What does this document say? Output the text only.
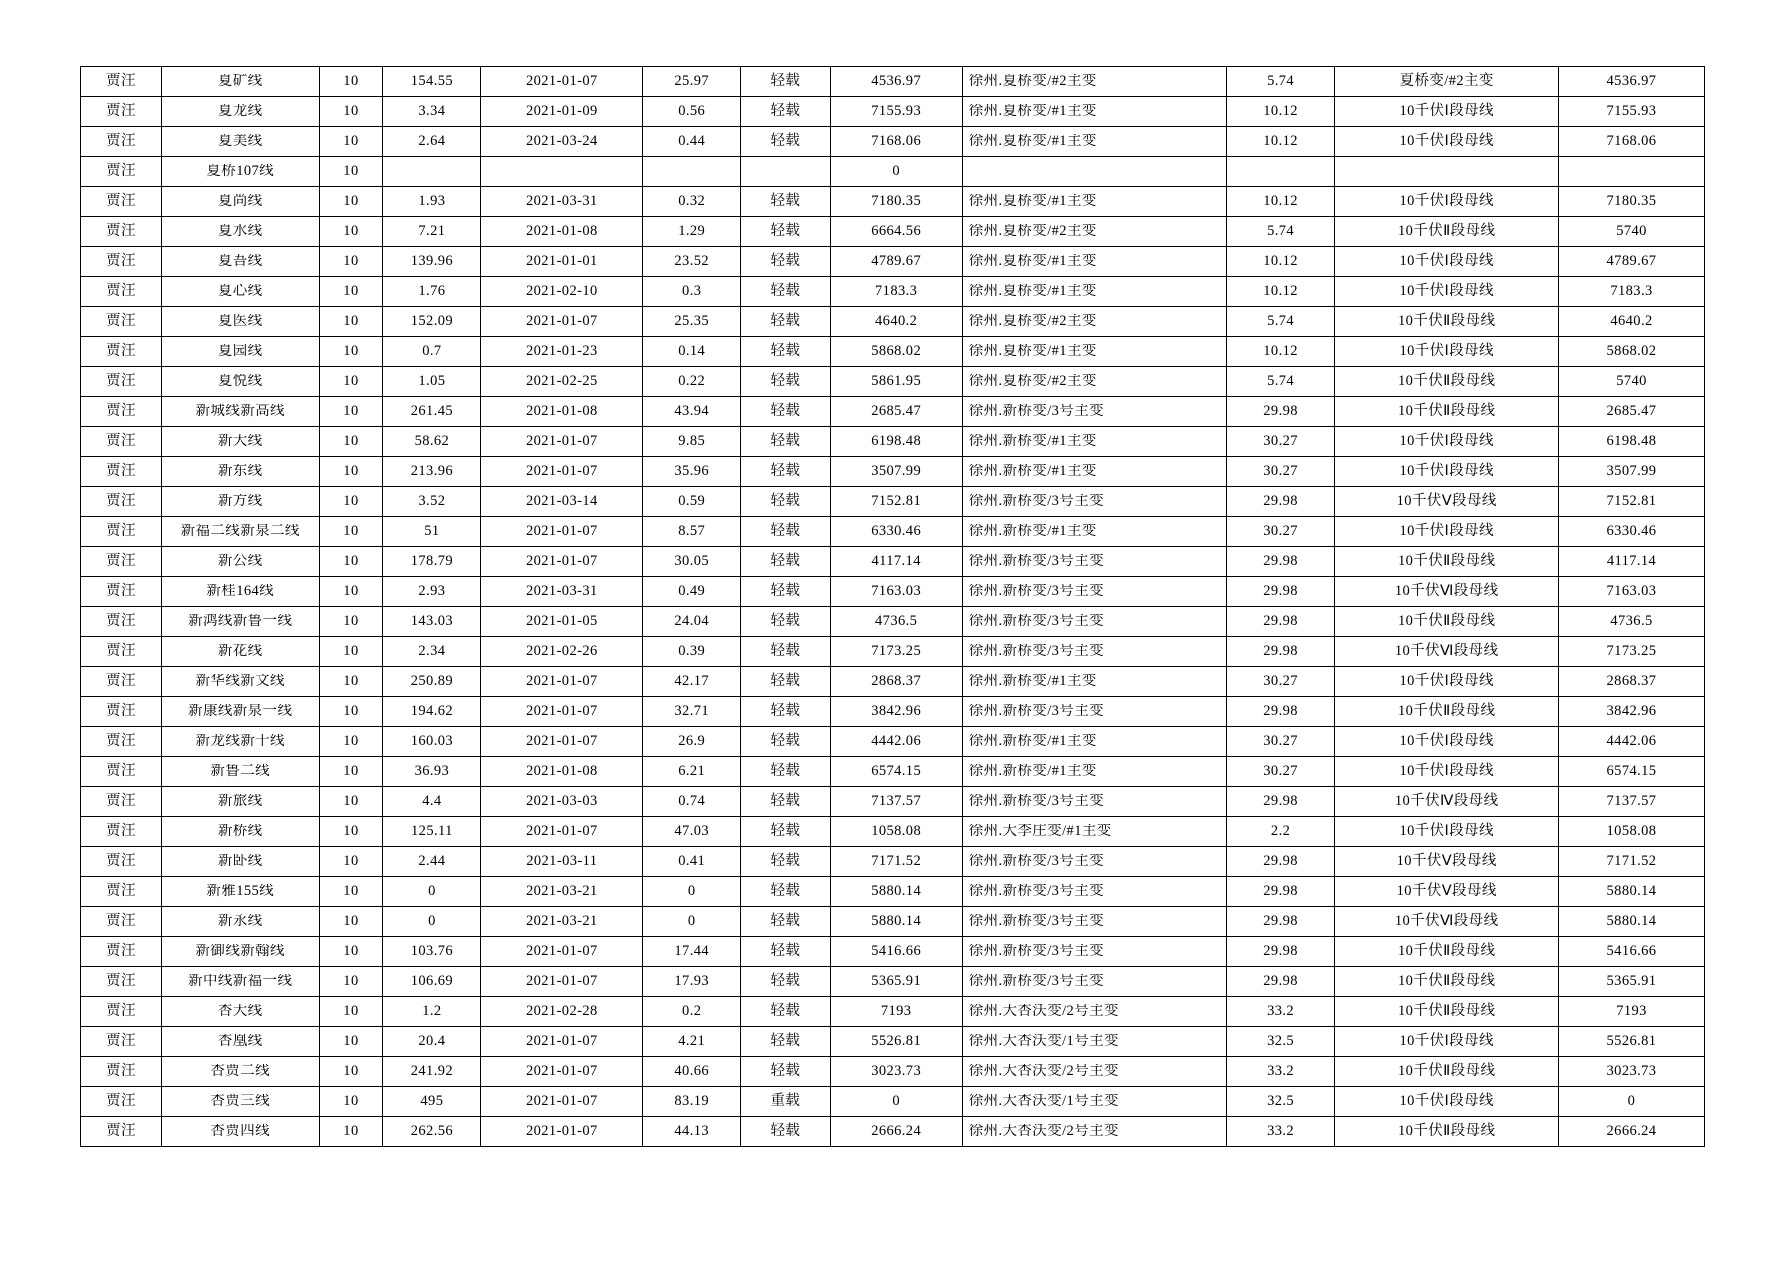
贾汪	夏矿线	10	154.55	2021-01-07	25.97	轻载	4536.97	徐州.夏桥变/#2主变	5.74	夏桥变/#2主变	4536.97
贾汪	夏龙线	10	3.34	2021-01-09	0.56	轻载	7155.93	徐州.夏桥变/#1主变	10.12	10千伏Ⅰ段母线	7155.93
贾汪	夏美线	10	2.64	2021-03-24	0.44	轻载	7168.06	徐州.夏桥变/#1主变	10.12	10千伏Ⅰ段母线	7168.06
贾汪	夏桥107线	10					0	

贾汪	夏尚线	10	1.93	2021-03-31	0.32	轻载	7180.35	徐州.夏桥变/#1主变	10.12	10千伏Ⅰ段母线	7180.35
贾汪	夏水线	10	7.21	2021-01-08	1.29	轻载	6664.56	徐州.夏桥变/#2主变	5.74	10千伏Ⅱ段母线	5740
贾汪	夏吾线	10	139.96	2021-01-01	23.52	轻载	4789.67	徐州.夏桥变/#1主变	10.12	10千伏Ⅰ段母线	4789.67
贾汪	夏心线	10	1.76	2021-02-10	0.3	轻载	7183.3	徐州.夏桥变/#1主变	10.12	10千伏Ⅰ段母线	7183.3
贾汪	夏医线	10	152.09	2021-01-07	25.35	轻载	4640.2	徐州.夏桥变/#2主变	5.74	10千伏Ⅱ段母线	4640.2
贾汪	夏园线	10	0.7	2021-01-23	0.14	轻载	5868.02	徐州.夏桥变/#1主变	10.12	10千伏Ⅰ段母线	5868.02
贾汪	夏悦线	10	1.05	2021-02-25	0.22	轻载	5861.95	徐州.夏桥变/#2主变	5.74	10千伏Ⅱ段母线	5740
贾汪	新城线新高线	10	261.45	2021-01-08	43.94	轻载	2685.47	徐州.新桥变/3号主变	29.98	10千伏Ⅱ段母线	2685.47
贾汪	新大线	10	58.62	2021-01-07	9.85	轻载	6198.48	徐州.新桥变/#1主变	30.27	10千伏Ⅰ段母线	6198.48
贾汪	新东线	10	213.96	2021-01-07	35.96	轻载	3507.99	徐州.新桥变/#1主变	30.27	10千伏Ⅰ段母线	3507.99
贾汪	新方线	10	3.52	2021-03-14	0.59	轻载	7152.81	徐州.新桥变/3号主变	29.98	10千伏Ⅴ段母线	7152.81
贾汪	新福二线新泉二线	10	51	2021-01-07	8.57	轻载	6330.46	徐州.新桥变/#1主变	30.27	10千伏Ⅰ段母线	6330.46
贾汪	新公线	10	178.79	2021-01-07	30.05	轻载	4117.14	徐州.新桥变/3号主变	29.98	10千伏Ⅱ段母线	4117.14
贾汪	新桂164线	10	2.93	2021-03-31	0.49	轻载	7163.03	徐州.新桥变/3号主变	29.98	10千伏Ⅵ段母线	7163.03
贾汪	新鸿线新鲁一线	10	143.03	2021-01-05	24.04	轻载	4736.5	徐州.新桥变/3号主变	29.98	10千伏Ⅱ段母线	4736.5
贾汪	新花线	10	2.34	2021-02-26	0.39	轻载	7173.25	徐州.新桥变/3号主变	29.98	10千伏Ⅵ段母线	7173.25
贾汪	新华线新文线	10	250.89	2021-01-07	42.17	轻载	2868.37	徐州.新桥变/#1主变	30.27	10千伏Ⅰ段母线	2868.37
贾汪	新康线新泉一线	10	194.62	2021-01-07	32.71	轻载	3842.96	徐州.新桥变/3号主变	29.98	10千伏Ⅱ段母线	3842.96
贾汪	新龙线新十线	10	160.03	2021-01-07	26.9	轻载	4442.06	徐州.新桥变/#1主变	30.27	10千伏Ⅰ段母线	4442.06
贾汪	新鲁二线	10	36.93	2021-01-08	6.21	轻载	6574.15	徐州.新桥变/#1主变	30.27	10千伏Ⅰ段母线	6574.15
贾汪	新旅线	10	4.4	2021-03-03	0.74	轻载	7137.57	徐州.新桥变/3号主变	29.98	10千伏Ⅳ段母线	7137.57
贾汪	新桥线	10	125.11	2021-01-07	47.03	轻载	1058.08	徐州.大李庄变/#1主变	2.2	10千伏Ⅰ段母线	1058.08
贾汪	新卧线	10	2.44	2021-03-11	0.41	轻载	7171.52	徐州.新桥变/3号主变	29.98	10千伏Ⅴ段母线	7171.52
贾汪	新雅155线	10	0	2021-03-21	0	轻载	5880.14	徐州.新桥变/3号主变	29.98	10千伏Ⅴ段母线	5880.14
贾汪	新永线	10	0	2021-03-21	0	轻载	5880.14	徐州.新桥变/3号主变	29.98	10千伏Ⅵ段母线	5880.14
贾汪	新御线新翰线	10	103.76	2021-01-07	17.44	轻载	5416.66	徐州.新桥变/3号主变	29.98	10千伏Ⅱ段母线	5416.66
贾汪	新中线新福一线	10	106.69	2021-01-07	17.93	轻载	5365.91	徐州.新桥变/3号主变	29.98	10千伏Ⅱ段母线	5365.91
贾汪	杏大线	10	1.2	2021-02-28	0.2	轻载	7193	徐州.大杏沃变/2号主变	33.2	10千伏Ⅱ段母线	7193
贾汪	杏凰线	10	20.4	2021-01-07	4.21	轻载	5526.81	徐州.大杏沃变/1号主变	32.5	10千伏Ⅰ段母线	5526.81
贾汪	杏贾二线	10	241.92	2021-01-07	40.66	轻载	3023.73	徐州.大杏沃变/2号主变	33.2	10千伏Ⅱ段母线	3023.73
贾汪	杏贾三线	10	495	2021-01-07	83.19	重载	0	徐州.大杏沃变/1号主变	32.5	10千伏Ⅰ段母线	0
贾汪	杏贾四线	10	262.56	2021-01-07	44.13	轻载	2666.24	徐州.大杏沃变/2号主变	33.2	10千伏Ⅱ段母线	2666.24
